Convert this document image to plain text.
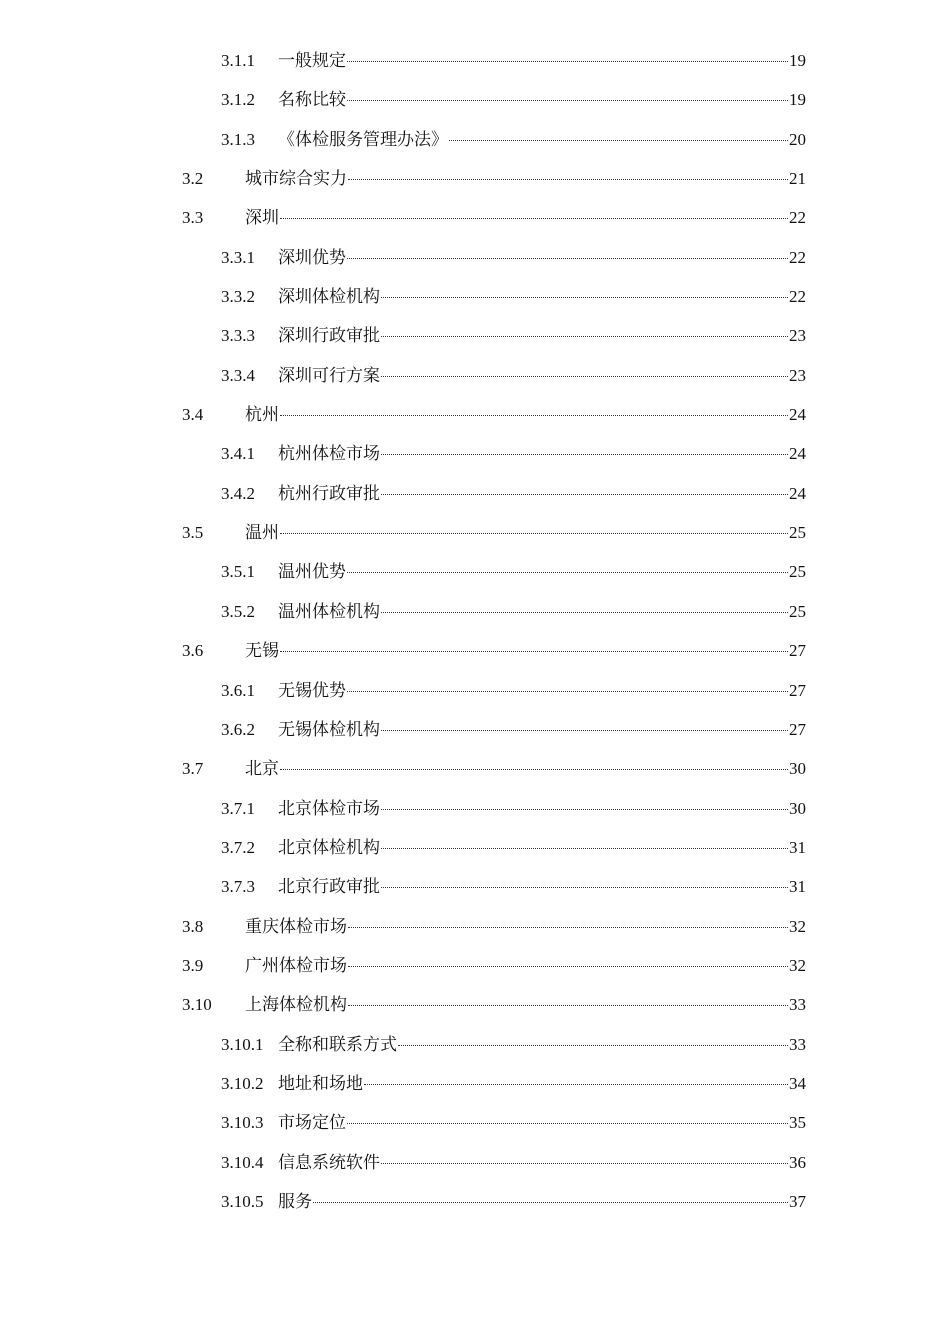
3.1.1	一般规定	19
3.1.2	名称比较	19
3.1.3	《体检服务管理办法》	20
3.2	城市综合实力	21
3.3	深圳	22
3.3.1	深圳优势	22
3.3.2	深圳体检机构	22
3.3.3	深圳行政审批	23
3.3.4	深圳可行方案	23
3.4	杭州	24
3.4.1	杭州体检市场	24
3.4.2	杭州行政审批	24
3.5	温州	25
3.5.1	温州优势	25
3.5.2	温州体检机构	25
3.6	无锡	27
3.6.1	无锡优势	27
3.6.2	无锡体检机构	27
3.7	北京	30
3.7.1	北京体检市场	30
3.7.2	北京体检机构	31
3.7.3	北京行政审批	31
3.8	重庆体检市场	32
3.9	广州体检市场	32
3.10	上海体检机构	33
3.10.1 全称和联系方式	33
3.10.2 地址和场地	34
3.10.3 市场定位	35
3.10.4 信息系统软件	36
3.10.5 服务	37
